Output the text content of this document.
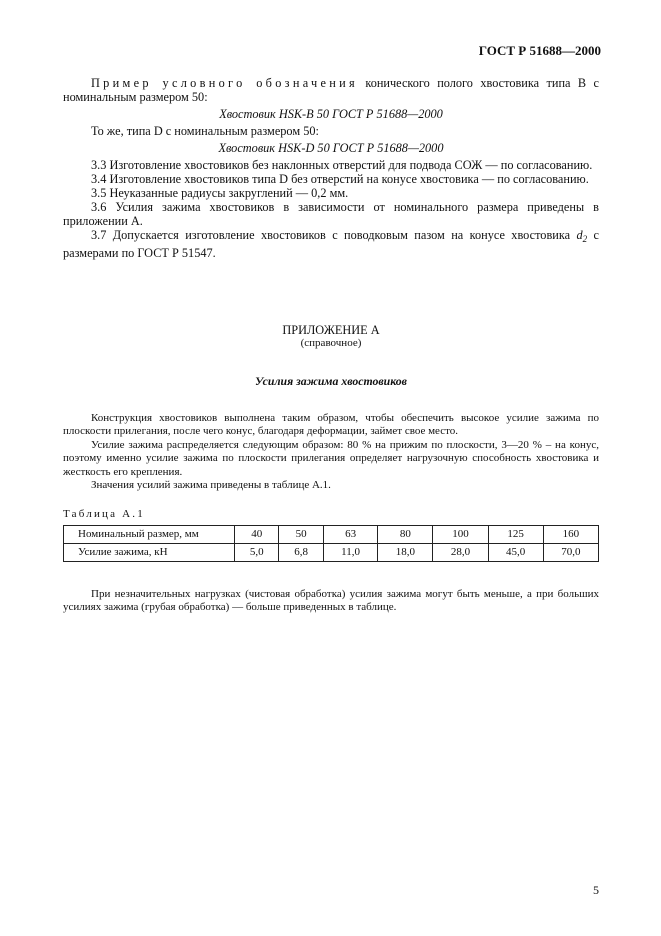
ГОСТ Р 51688—2000

Пример условного обозначения конического полого хвостовика типа В с номинальным размером 50:

Хвостовик HSK-B 50 ГОСТ Р 51688—2000

То же, типа D с номинальным размером 50:

Хвостовик HSK-D 50 ГОСТ Р 51688—2000

3.3 Изготовление хвостовиков без наклонных отверстий для подвода СОЖ — по согласованию.

3.4 Изготовление хвостовиков типа D без отверстий на конусе хвостовика — по согласованию.

3.5 Неуказанные радиусы закруглений — 0,2 мм.

3.6 Усилия зажима хвостовиков в зависимости от номинального размера приведены в приложении А.

3.7 Допускается изготовление хвостовиков с поводковым пазом на конусе хвостовика $d_2$ с размерами по ГОСТ Р 51547.

ПРИЛОЖЕНИЕ А

(справочное)

Усилия зажима хвостовиков

Конструкция хвостовиков выполнена таким образом, чтобы обеспечить высокое усилие зажима по плоскости прилегания, после чего конус, благодаря деформации, займет свое место.

Усилие зажима распределяется следующим образом: 80 % на прижим по плоскости, 3—20 % – на конус, поэтому именно усилие зажима по плоскости прилегания определяет нагрузочную способность хвостовика и жесткость его крепления.

Значения усилий зажима приведены в таблице А.1.

Таблица А.1

Номинальный размер, мм	40	50	63	80	100	125	160
Усилие зажима, кН	5,0	6,8	11,0	18,0	28,0	45,0	70,0

При незначительных нагрузках (чистовая обработка) усилия зажима могут быть меньше, а при больших усилиях зажима (грубая обработка) — больше приведенных в таблице.

5
